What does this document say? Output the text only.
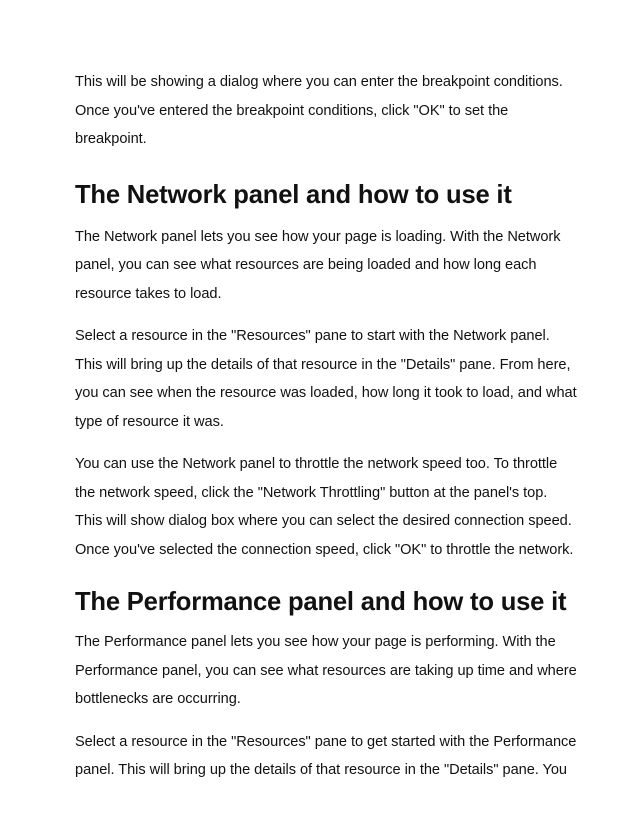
This will be showing a dialog where you can enter the breakpoint conditions.
Once you've entered the breakpoint conditions, click "OK" to set the
breakpoint.

The Network panel and how to use it

The Network panel lets you see how your page is loading. With the Network
panel, you can see what resources are being loaded and how long each
resource takes to load.

Select a resource in the "Resources" pane to start with the Network panel.
This will bring up the details of that resource in the "Details" pane. From here,
you can see when the resource was loaded, how long it took to load, and what
type of resource it was.

You can use the Network panel to throttle the network speed too. To throttle
the network speed, click the "Network Throttling" button at the panel's top.
This will show dialog box where you can select the desired connection speed.
Once you've selected the connection speed, click "OK" to throttle the network.

The Performance panel and how to use it

The Performance panel lets you see how your page is performing. With the
Performance panel, you can see what resources are taking up time and where
bottlenecks are occurring.

Select a resource in the "Resources" pane to get started with the Performance
panel. This will bring up the details of that resource in the "Details" pane. You
